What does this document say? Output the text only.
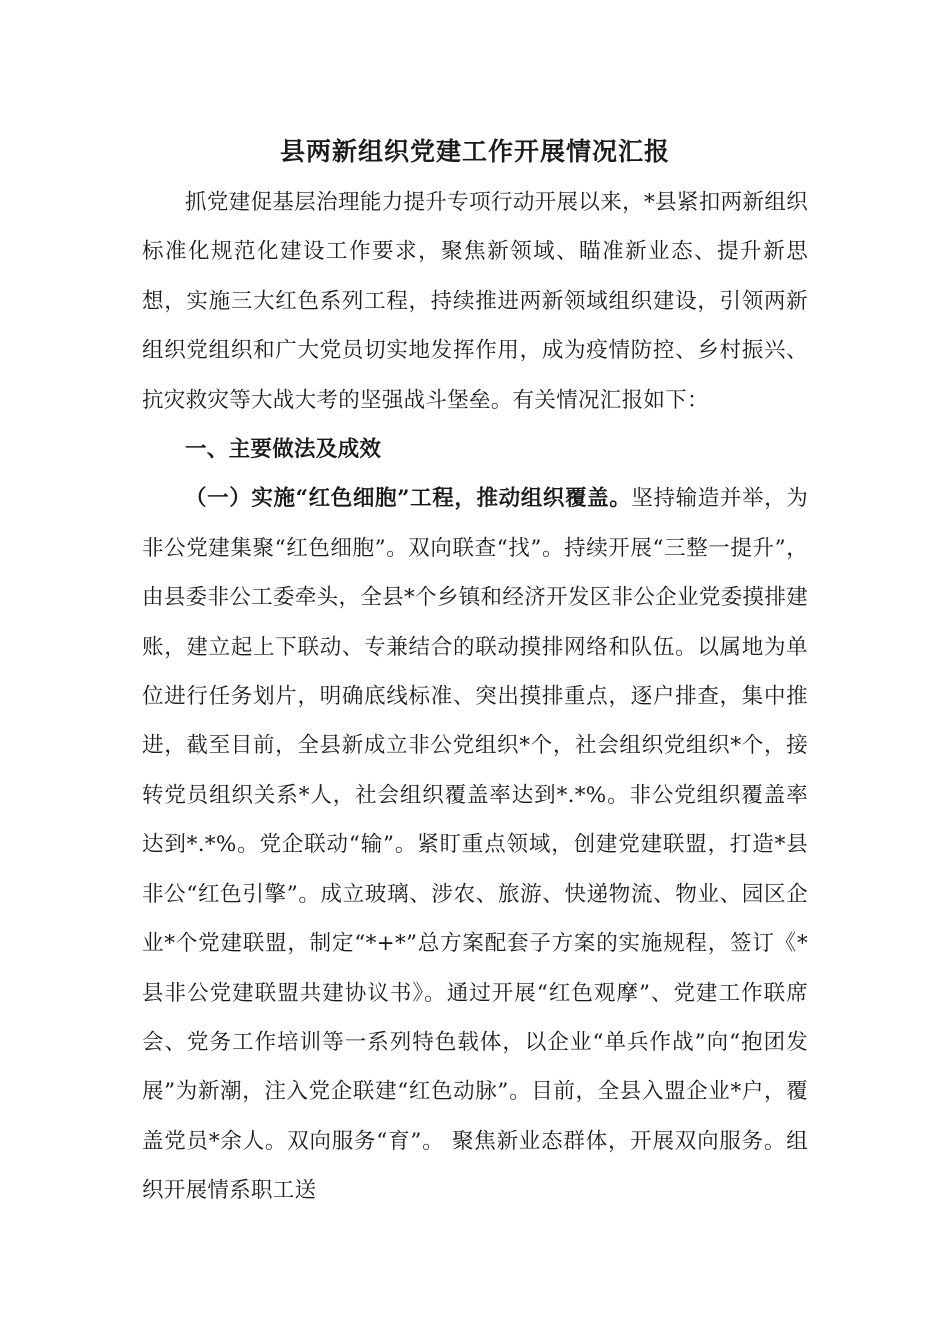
县两新组织党建工作开展情况汇报

抓党建促基层治理能力提升专项行动开展以来，*县紧扣两新组织标准化规范化建设工作要求，聚焦新领域、瞄准新业态、提升新思想，实施三大红色系列工程，持续推进两新领域组织建设，引领两新组织党组织和广大党员切实地发挥作用，成为疫情防控、乡村振兴、抗灾救灾等大战大考的坚强战斗堡垒。有关情况汇报如下：

一、主要做法及成效

（一）实施“红色细胞”工程，推动组织覆盖。坚持输造并举，为非公党建集聚“红色细胞”。双向联查“找”。持续开展“三整一提升”，由县委非公工委牵头，全县*个乡镇和经济开发区非公企业党委摸排建账，建立起上下联动、专兼结合的联动摸排网络和队伍。以属地为单位进行任务划片，明确底线标准、突出摸排重点，逐户排查，集中推进，截至目前，全县新成立非公党组织*个，社会组织党组织*个，接转党员组织关系*人，社会组织覆盖率达到*.*%。非公党组织覆盖率达到*.*%。党企联动“输”。紧盯重点领域，创建党建联盟，打造*县非公“红色引擎”。成立玻璃、涉农、旅游、快递物流、物业、园区企业*个党建联盟，制定“*+*”总方案配套子方案的实施规程，签订《*县非公党建联盟共建协议书》。通过开展“红色观摩”、党建工作联席会、党务工作培训等一系列特色载体，以企业“单兵作战”向“抱团发展”为新潮，注入党企联建“红色动脉”。目前，全县入盟企业*户，覆盖党员*余人。双向服务“育”。 聚焦新业态群体，开展双向服务。组织开展情系职工送
